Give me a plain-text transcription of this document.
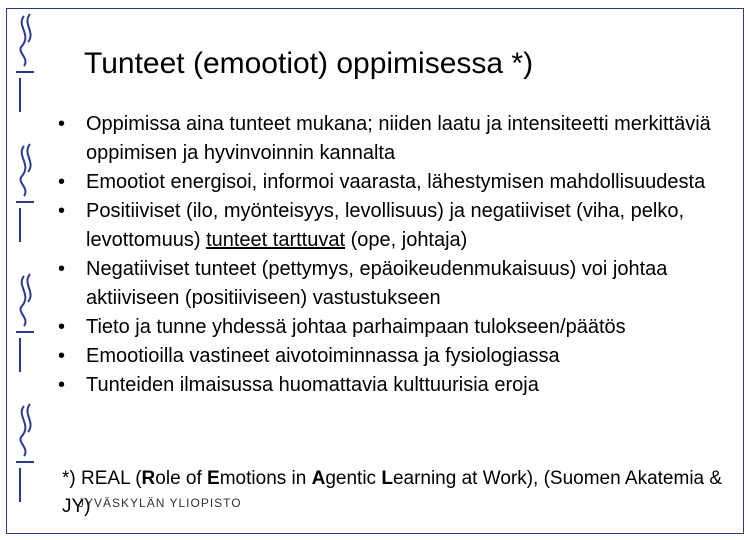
Tunteet (emootiot) oppimisessa *)
• Oppimissa aina tunteet mukana; niiden laatu ja intensiteetti merkittäviä oppimisen ja hyvinvoinnin kannalta
• Emootiot energisoi, informoi vaarasta, lähestymisen mahdollisuudesta
• Positiiviset (ilo, myönteisyys, levollisuus) ja negatiiviset (viha, pelko, levottomuus) tunteet tarttuvat (ope, johtaja)
• Negatiiviset tunteet (pettymys, epäoikeudenmukaisuus) voi johtaa aktiiviseen (positiiviseen) vastustukseen
• Tieto ja tunne yhdessä johtaa parhaimpaan tulokseen/päätös
• Emootioilla vastineet aivotoiminnassa ja fysiologiassa
• Tunteiden ilmaisussa huomattavia kulttuurisia eroja
*) REAL (Role of Emotions in Agentic Learning at Work), (Suomen Akatemia & JY)
JYVÄSKYLÄN YLIOPISTO
